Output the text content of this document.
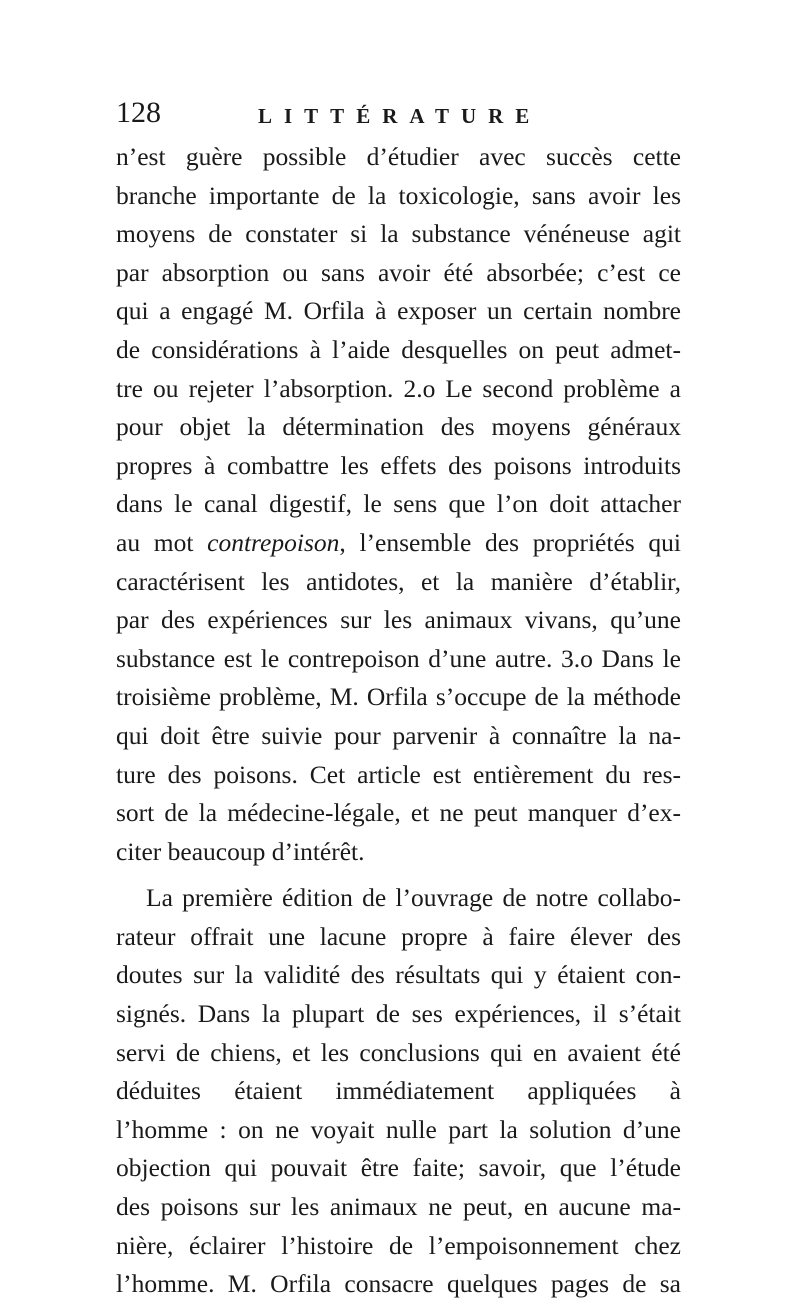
128	LITTÉRATURE
n’est guère possible d’étudier avec succès cette
branche importante de la toxicologie, sans avoir les
moyens de constater si la substance vénéneuse agit
par absorption ou sans avoir été absorbée; c’est ce
qui a engagé M. Orfila à exposer un certain nombre
de considérations à l’aide desquelles on peut admet-
tre ou rejeter l’absorption. 2.o Le second problème a
pour objet la détermination des moyens généraux
propres à combattre les effets des poisons introduits
dans le canal digestif, le sens que l’on doit attacher
au mot contrepoison, l’ensemble des propriétés qui
caractérisent les antidotes, et la manière d’établir,
par des expériences sur les animaux vivans, qu’une
substance est le contrepoison d’une autre. 3.o Dans le
troisième problème, M. Orfila s’occupe de la méthode
qui doit être suivie pour parvenir à connaître la na-
ture des poisons. Cet article est entièrement du res-
sort de la médecine-légale, et ne peut manquer d’ex-
citer beaucoup d’intérêt.
La première édition de l’ouvrage de notre collabo-
rateur offrait une lacune propre à faire élever des
doutes sur la validité des résultats qui y étaient con-
signés. Dans la plupart de ses expériences, il s’était
servi de chiens, et les conclusions qui en avaient été
déduites étaient immédiatement appliquées à
l’homme : on ne voyait nulle part la solution d’une
objection qui pouvait être faite; savoir, que l’étude
des poisons sur les animaux ne peut, en aucune ma-
nière, éclairer l’histoire de l’empoisonnement chez
l’homme. M. Orfila consacre quelques pages de sa
